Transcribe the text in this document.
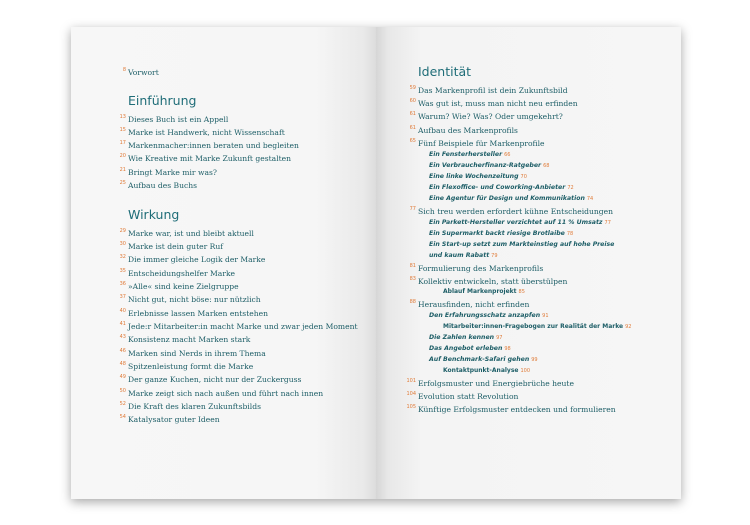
8 Vorwort
Einführung
13 Dieses Buch ist ein Appell
15 Marke ist Handwerk, nicht Wissenschaft
17 Markenmacher:innen beraten und begleiten
20 Wie Kreative mit Marke Zukunft gestalten
21 Bringt Marke mir was?
25 Aufbau des Buchs
Wirkung
29 Marke war, ist und bleibt aktuell
30 Marke ist dein guter Ruf
32 Die immer gleiche Logik der Marke
35 Entscheidungshelfer Marke
36 »Alle« sind keine Zielgruppe
37 Nicht gut, nicht böse: nur nützlich
40 Erlebnisse lassen Marken entstehen
41 Jede:r Mitarbeiter:in macht Marke und zwar jeden Moment
43 Konsistenz macht Marken stark
46 Marken sind Nerds in ihrem Thema
48 Spitzenleistung formt die Marke
49 Der ganze Kuchen, nicht nur der Zuckerguss
50 Marke zeigt sich nach außen und führt nach innen
52 Die Kraft des klaren Zukunftsbilds
54 Katalysator guter Ideen
Identität
59 Das Markenprofil ist dein Zukunftsbild
60 Was gut ist, muss man nicht neu erfinden
61 Warum? Wie? Was? Oder umgekehrt?
61 Aufbau des Markenprofils
65 Fünf Beispiele für Markenprofile
Ein Fensterhersteller 66
Ein Verbraucherfinanz-Ratgeber 68
Eine linke Wochenzeitung 70
Ein Flexoffice- und Coworking-Anbieter 72
Eine Agentur für Design und Kommunikation 74
77 Sich treu werden erfordert kühne Entscheidungen
Ein Parkett-Hersteller verzichtet auf 11 % Umsatz 77
Ein Supermarkt backt riesige Brotlaibe 78
Ein Start-up setzt zum Markteinstieg auf hohe Preise
und kaum Rabatt 79
81 Formulierung des Markenprofils
83 Kollektiv entwickeln, statt überstülpen
Ablauf Markenprojekt 85
88 Herausfinden, nicht erfinden
Den Erfahrungsschatz anzapfen 91
Mitarbeiter:innen-Fragebogen zur Realität der Marke 92
Die Zahlen kennen 97
Das Angebot erleben 98
Auf Benchmark-Safari gehen 99
Kontaktpunkt-Analyse 100
101 Erfolgsmuster und Energiebrüche heute
104 Evolution statt Revolution
105 Künftige Erfolgsmuster entdecken und formulieren
